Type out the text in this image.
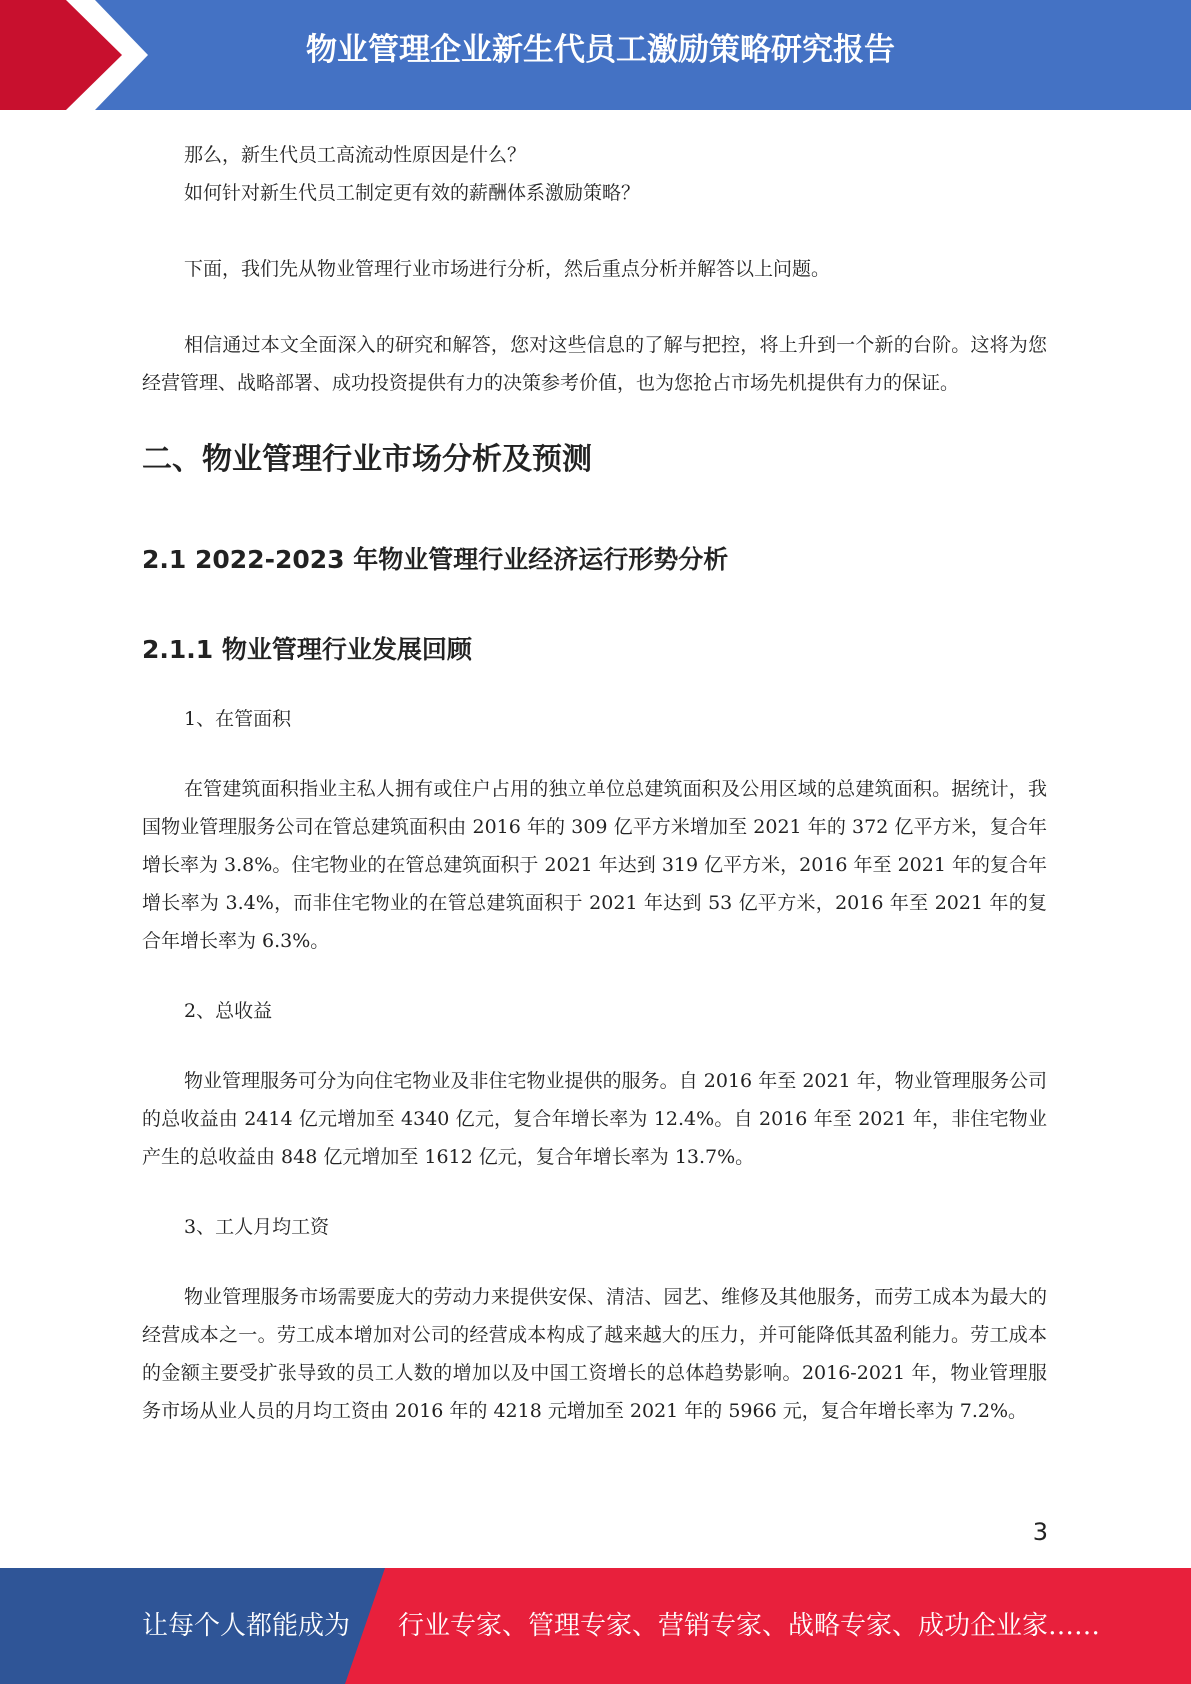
物业管理企业新生代员工激励策略研究报告

那么，新生代员工高流动性原因是什么？

如何针对新生代员工制定更有效的薪酬体系激励策略？

下面，我们先从物业管理行业市场进行分析，然后重点分析并解答以上问题。

相信通过本文全面深入的研究和解答，您对这些信息的了解与把控，将上升到一个新的台阶。这将为您经营管理、战略部署、成功投资提供有力的决策参考价值，也为您抢占市场先机提供有力的保证。

二、物业管理行业市场分析及预测
2.1 2022-2023 年物业管理行业经济运行形势分析
2.1.1 物业管理行业发展回顾

1、在管面积

在管建筑面积指业主私人拥有或住户占用的独立单位总建筑面积及公用区域的总建筑面积。据统计，我国物业管理服务公司在管总建筑面积由 2016 年的 309 亿平方米增加至 2021 年的 372 亿平方米，复合年增长率为 3.8%。住宅物业的在管总建筑面积于 2021 年达到 319 亿平方米，2016 年至 2021 年的复合年增长率为 3.4%，而非住宅物业的在管总建筑面积于 2021 年达到 53 亿平方米，2016 年至 2021 年的复合年增长率为 6.3%。

2、总收益

物业管理服务可分为向住宅物业及非住宅物业提供的服务。自 2016 年至 2021 年，物业管理服务公司的总收益由 2414 亿元增加至 4340 亿元，复合年增长率为 12.4%。自 2016 年至 2021 年，非住宅物业产生的总收益由 848 亿元增加至 1612 亿元，复合年增长率为 13.7%。

3、工人月均工资

物业管理服务市场需要庞大的劳动力来提供安保、清洁、园艺、维修及其他服务，而劳工成本为最大的经营成本之一。劳工成本增加对公司的经营成本构成了越来越大的压力，并可能降低其盈利能力。劳工成本的金额主要受扩张导致的员工人数的增加以及中国工资增长的总体趋势影响。2016-2021 年，物业管理服务市场从业人员的月均工资由 2016 年的 4218 元增加至 2021 年的 5966 元，复合年增长率为 7.2%。

3
让每个人都能成为 行业专家、管理专家、营销专家、战略专家、成功企业家……
